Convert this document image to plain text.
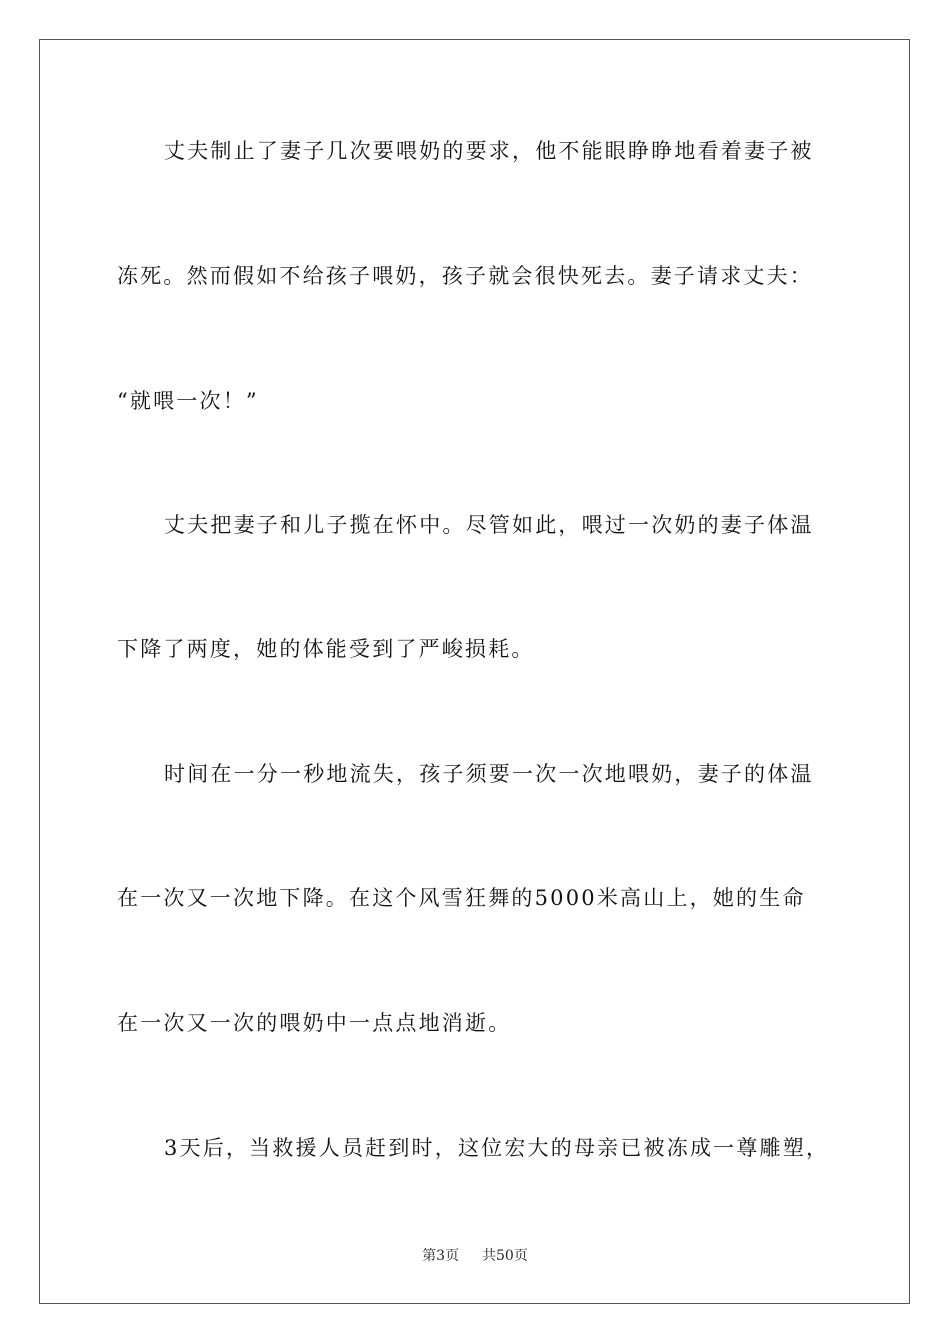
丈夫制止了妻子几次要喂奶的要求，他不能眼睁睁地看着妻子被
冻死。然而假如不给孩子喂奶，孩子就会很快死去。妻子请求丈夫：
“就喂一次！”
丈夫把妻子和儿子揽在怀中。尽管如此，喂过一次奶的妻子体温
下降了两度，她的体能受到了严峻损耗。
时间在一分一秒地流失，孩子须要一次一次地喂奶，妻子的体温
在一次又一次地下降。在这个风雪狂舞的5000米高山上，她的生命
在一次又一次的喂奶中一点点地消逝。
3天后，当救援人员赶到时，这位宏大的母亲已被冻成一尊雕塑，
第3页 共50页
